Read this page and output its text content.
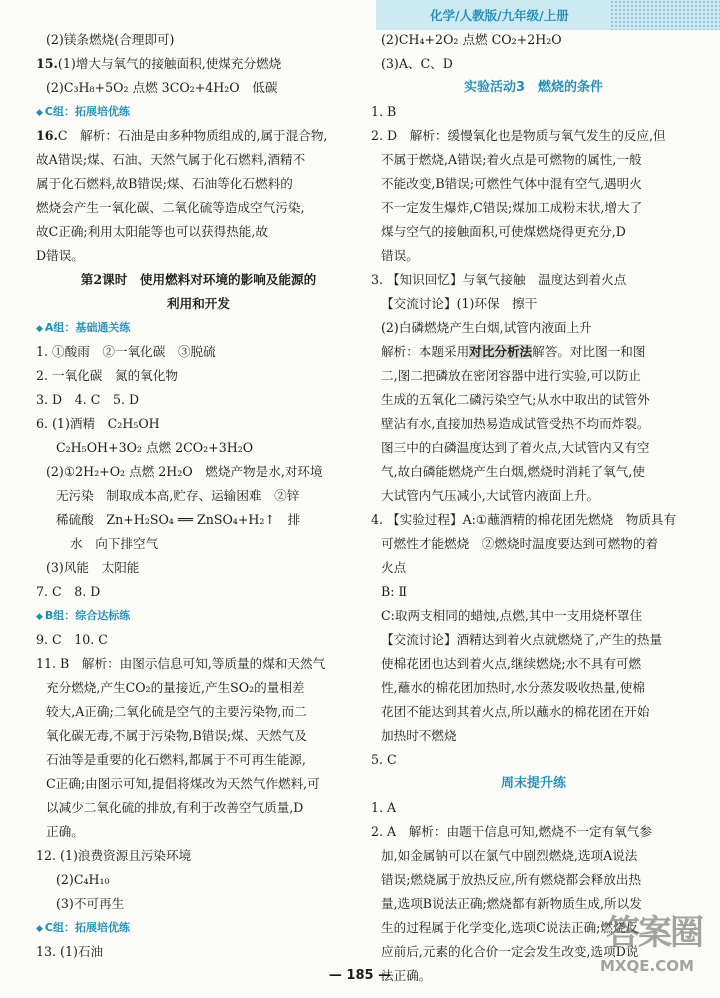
化学/人教版/九年级/上册
(2)镁条燃烧(合理即可)
15.(1)增大与氧气的接触面积,使煤充分燃烧
(2)C₃H₈+5O₂ 点燃 3CO₂+4H₂O　低碳
◆ C组：拓展培优练
16.C　解析：石油是由多种物质组成的,属于混合物,
故A错误;煤、石油、天然气属于化石燃料,酒精不
属于化石燃料,故B错误;煤、石油等化石燃料的
燃烧会产生一氧化碳、二氧化硫等造成空气污染,
故C正确;利用太阳能等也可以获得热能,故
D错误。
第2课时　使用燃料对环境的影响及能源的
利用和开发
◆ A组：基础通关练
1. ①酸雨　②一氧化碳　③脱硫
2. 一氧化碳　氮的氧化物
3. D　4. C　5. D
6. (1)酒精　C₂H₅OH
C₂H₅OH+3O₂ 点燃 2CO₂+3H₂O
(2)①2H₂+O₂ 点燃 2H₂O　燃烧产物是水,对环境
无污染　制取成本高,贮存、运输困难　②锌
稀硫酸　Zn+H₂SO₄ ══ ZnSO₄+H₂↑　排
水　向下排空气
(3)风能　太阳能
7. C　8. D
◆ B组：综合达标练
9. C　10. C
11. B　解析：由图示信息可知,等质量的煤和天然气
充分燃烧,产生CO₂的量接近,产生SO₂的量相差
较大,A正确;二氧化硫是空气的主要污染物,而二
氧化碳无毒,不属于污染物,B错误;煤、天然气及
石油等是重要的化石燃料,都属于不可再生能源,
C正确;由图示可知,提倡将煤改为天然气作燃料,可
以减少二氧化硫的排放,有利于改善空气质量,D
正确。
12. (1)浪费资源且污染环境
(2)C₄H₁₀
(3)不可再生
◆ C组：拓展培优练
13. (1)石油
(2)CH₄+2O₂ 点燃 CO₂+2H₂O
(3)A、C、D
实验活动3　燃烧的条件
1. B
2. D　解析：缓慢氧化也是物质与氧气发生的反应,但
不属于燃烧,A错误;着火点是可燃物的属性,一般
不能改变,B错误;可燃性气体中混有空气,遇明火
不一定发生爆炸,C错误;煤加工成粉末状,增大了
煤与空气的接触面积,可使煤燃烧得更充分,D
错误。
3. 【知识回忆】与氧气接触　温度达到着火点
【交流讨论】(1)环保　擦干
(2)白磷燃烧产生白烟,试管内液面上升
解析：本题采用对比分析法解答。对比图一和图
二,图二把磷放在密闭容器中进行实验,可以防止
生成的五氧化二磷污染空气;从水中取出的试管外
壁沾有水,直接加热易造成试管受热不均而炸裂。
图三中的白磷温度达到了着火点,大试管内又有空
气,故白磷能燃烧产生白烟,燃烧时消耗了氧气,使
大试管内气压减小,大试管内液面上升。
4. 【实验过程】A:①蘸酒精的棉花团先燃烧　物质具有
可燃性才能燃烧　②燃烧时温度要达到可燃物的着
火点
B: Ⅱ
C:取两支相同的蜡烛,点燃,其中一支用烧杯罩住
【交流讨论】酒精达到着火点就燃烧了,产生的热量
使棉花团也达到着火点,继续燃烧;水不具有可燃
性,蘸水的棉花团加热时,水分蒸发吸收热量,使棉
花团不能达到其着火点,所以蘸水的棉花团在开始
加热时不燃烧
5. C
周末提升练
1. A
2. A　解析：由题干信息可知,燃烧不一定有氧气参
加,如金属钠可以在氯气中剧烈燃烧,选项A说法
错误;燃烧属于放热反应,所有燃烧都会释放出热
量,选项B说法正确;燃烧都有新物质生成,所以发
生的过程属于化学变化,选项C说法正确;燃烧反
应前后,元素的化合价一定会发生改变,选项D说
法正确。
— 185 —
答案圈
MXQE.COM
